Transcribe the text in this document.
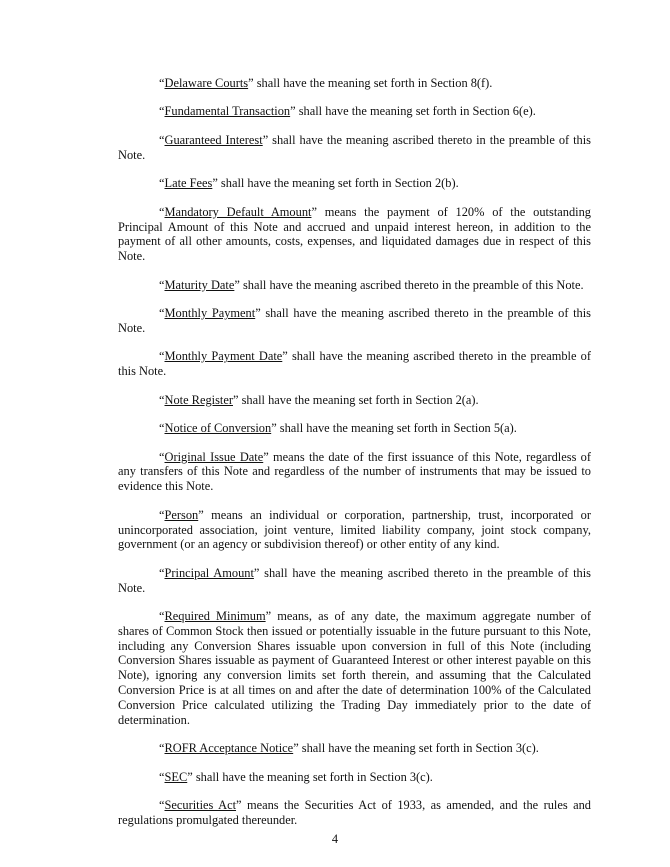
“Delaware Courts” shall have the meaning set forth in Section 8(f).

“Fundamental Transaction” shall have the meaning set forth in Section 6(e).

“Guaranteed Interest” shall have the meaning ascribed thereto in the preamble of this Note.

“Late Fees” shall have the meaning set forth in Section 2(b).

“Mandatory Default Amount” means the payment of 120% of the outstanding Principal Amount of this Note and accrued and unpaid interest hereon, in addition to the payment of all other amounts, costs, expenses, and liquidated damages due in respect of this Note.

“Maturity Date” shall have the meaning ascribed thereto in the preamble of this Note.

“Monthly Payment” shall have the meaning ascribed thereto in the preamble of this Note.

“Monthly Payment Date” shall have the meaning ascribed thereto in the preamble of this Note.

“Note Register” shall have the meaning set forth in Section 2(a).

“Notice of Conversion” shall have the meaning set forth in Section 5(a).

“Original Issue Date” means the date of the first issuance of this Note, regardless of any transfers of this Note and regardless of the number of instruments that may be issued to evidence this Note.

“Person” means an individual or corporation, partnership, trust, incorporated or unincorporated association, joint venture, limited liability company, joint stock company, government (or an agency or subdivision thereof) or other entity of any kind.

“Principal Amount” shall have the meaning ascribed thereto in the preamble of this Note.

“Required Minimum” means, as of any date, the maximum aggregate number of shares of Common Stock then issued or potentially issuable in the future pursuant to this Note, including any Conversion Shares issuable upon conversion in full of this Note (including Conversion Shares issuable as payment of Guaranteed Interest or other interest payable on this Note), ignoring any conversion limits set forth therein, and assuming that the Calculated Conversion Price is at all times on and after the date of determination 100% of the Calculated Conversion Price calculated utilizing the Trading Day immediately prior to the date of determination.

“ROFR Acceptance Notice” shall have the meaning set forth in Section 3(c).

“SEC” shall have the meaning set forth in Section 3(c).

“Securities Act” means the Securities Act of 1933, as amended, and the rules and regulations promulgated thereunder.

4
